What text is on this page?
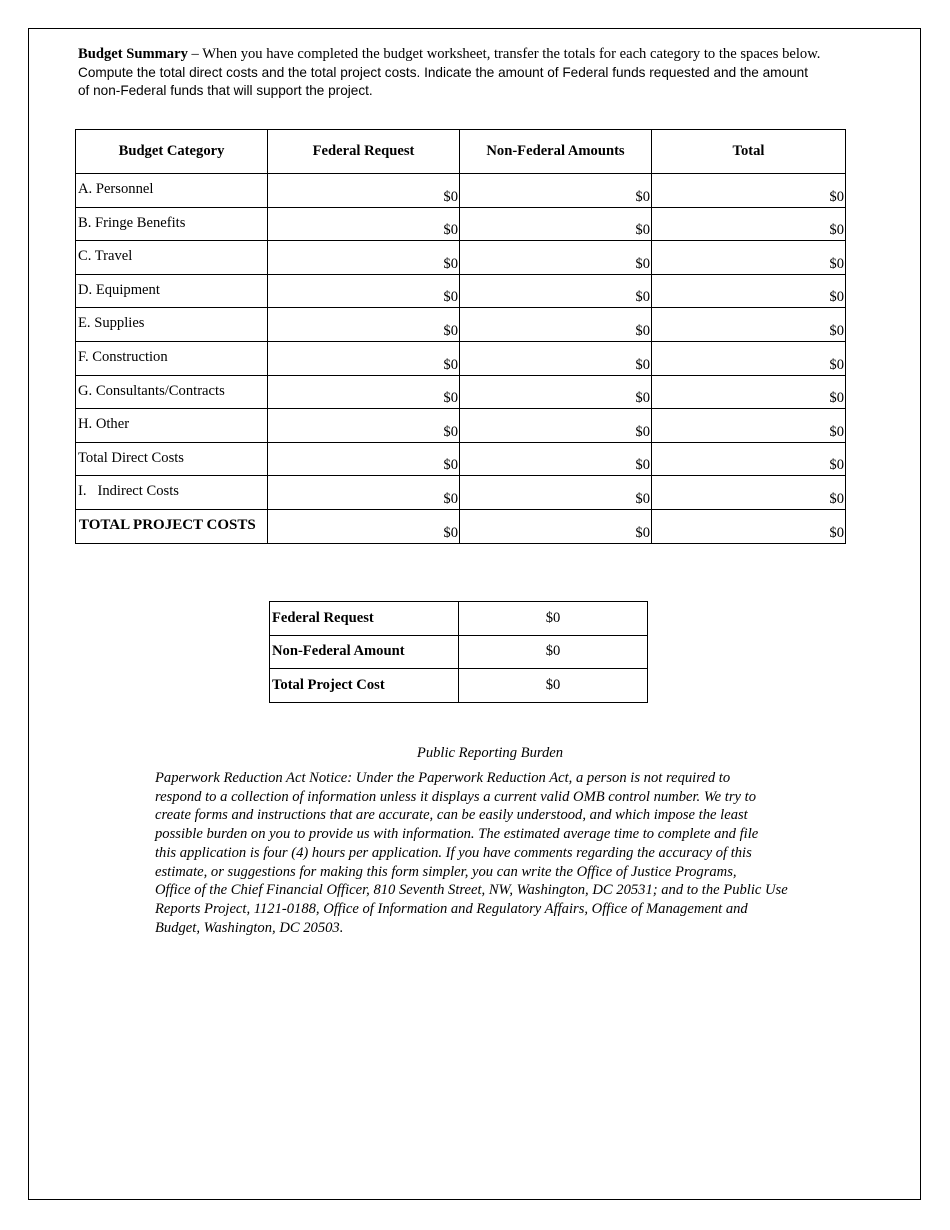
Budget Summary – When you have completed the budget worksheet, transfer the totals for each category to the spaces below.
Compute the total direct costs and the total project costs. Indicate the amount of Federal funds requested and the amount
of non-Federal funds that will support the project.
Budget Category	Federal Request	Non-Federal Amounts	Total
A. Personnel	$0	$0	$0
B. Fringe Benefits	$0	$0	$0
C. Travel	$0	$0	$0
D. Equipment	$0	$0	$0
E. Supplies	$0	$0	$0
F. Construction	$0	$0	$0
G. Consultants/Contracts	$0	$0	$0
H. Other	$0	$0	$0
Total Direct Costs	$0	$0	$0
I.   Indirect Costs	$0	$0	$0
TOTAL PROJECT COSTS	$0	$0	$0
Federal Request	$0
Non-Federal Amount	$0
Total Project Cost	$0
Public Reporting Burden
Paperwork Reduction Act Notice: Under the Paperwork Reduction Act, a person is not required to
respond to a collection of information unless it displays a current valid OMB control number. We try to
create forms and instructions that are accurate, can be easily understood, and which impose the least
possible burden on you to provide us with information. The estimated average time to complete and file
this application is four (4) hours per application. If you have comments regarding the accuracy of this
estimate, or suggestions for making this form simpler, you can write the Office of Justice Programs,
Office of the Chief Financial Officer, 810 Seventh Street, NW, Washington, DC 20531; and to the Public Use
Reports Project, 1121-0188, Office of Information and Regulatory Affairs, Office of Management and
Budget, Washington, DC 20503.
